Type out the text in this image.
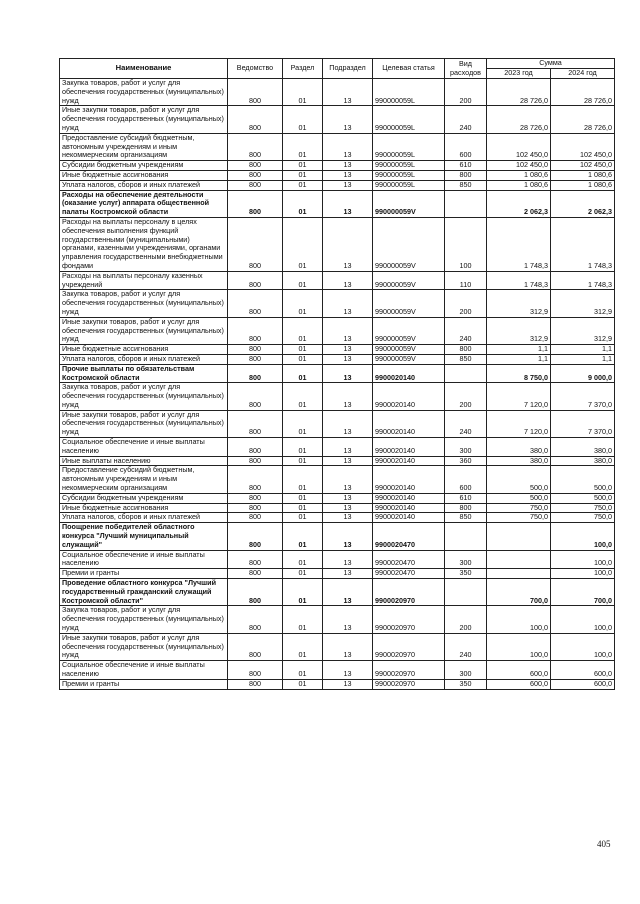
Наименование	Ведомство	Раздел	Подраздел	Целевая статья	Вид расходов	Сумма	
						2023 год	2024 год
Закупка товаров, работ и услуг для обеспечения государственных (муниципальных) нужд	800	01	13	990000059L	200	28 726,0	28 726,0
Иные закупки товаров, работ и услуг для обеспечения государственных (муниципальных) нужд	800	01	13	990000059L	240	28 726,0	28 726,0
Предоставление субсидий бюджетным, автономным учреждениям и иным некоммерческим организациям	800	01	13	990000059L	600	102 450,0	102 450,0
Субсидии бюджетным учреждениям	800	01	13	990000059L	610	102 450,0	102 450,0
Иные бюджетные ассигнования	800	01	13	990000059L	800	1 080,6	1 080,6
Уплата налогов, сборов и иных платежей	800	01	13	990000059L	850	1 080,6	1 080,6
Расходы на обеспечение деятельности (оказание услуг) аппарата общественной палаты Костромской области	800	01	13	990000059V		2 062,3	2 062,3
Расходы на выплаты персоналу в целях обеспечения выполнения функций государственными (муниципальными) органами, казенными учреждениями, органами управления государственными внебюджетными фондами	800	01	13	990000059V	100	1 748,3	1 748,3
Расходы на выплаты персоналу казенных учреждений	800	01	13	990000059V	110	1 748,3	1 748,3
Закупка товаров, работ и услуг для обеспечения государственных (муниципальных) нужд	800	01	13	990000059V	200	312,9	312,9
Иные закупки товаров, работ и услуг для обеспечения государственных (муниципальных) нужд	800	01	13	990000059V	240	312,9	312,9
Иные бюджетные ассигнования	800	01	13	990000059V	800	1,1	1,1
Уплата налогов, сборов и иных платежей	800	01	13	990000059V	850	1,1	1,1
Прочие выплаты по обязательствам Костромской области	800	01	13	9900020140		8 750,0	9 000,0
Закупка товаров, работ и услуг для обеспечения государственных (муниципальных) нужд	800	01	13	9900020140	200	7 120,0	7 370,0
Иные закупки товаров, работ и услуг для обеспечения государственных (муниципальных) нужд	800	01	13	9900020140	240	7 120,0	7 370,0
Социальное обеспечение и иные выплаты населению	800	01	13	9900020140	300	380,0	380,0
Иные выплаты населению	800	01	13	9900020140	360	380,0	380,0
Предоставление субсидий бюджетным, автономным учреждениям и иным некоммерческим организациям	800	01	13	9900020140	600	500,0	500,0
Субсидии бюджетным учреждениям	800	01	13	9900020140	610	500,0	500,0
Иные бюджетные ассигнования	800	01	13	9900020140	800	750,0	750,0
Уплата налогов, сборов и иных платежей	800	01	13	9900020140	850	750,0	750,0
Поощрение победителей областного конкурса "Лучший муниципальный служащий"	800	01	13	9900020470			100,0
Социальное обеспечение и иные выплаты населению	800	01	13	9900020470	300		100,0
Премии и гранты	800	01	13	9900020470	350		100,0
Проведение областного конкурса "Лучший государственный гражданский служащий Костромской области"	800	01	13	9900020970		700,0	700,0
Закупка товаров, работ и услуг для обеспечения государственных (муниципальных) нужд	800	01	13	9900020970	200	100,0	100,0
Иные закупки товаров, работ и услуг для обеспечения государственных (муниципальных) нужд	800	01	13	9900020970	240	100,0	100,0
Социальное обеспечение и иные выплаты населению	800	01	13	9900020970	300	600,0	600,0
Премии и гранты	800	01	13	9900020970	350	600,0	600,0
405
